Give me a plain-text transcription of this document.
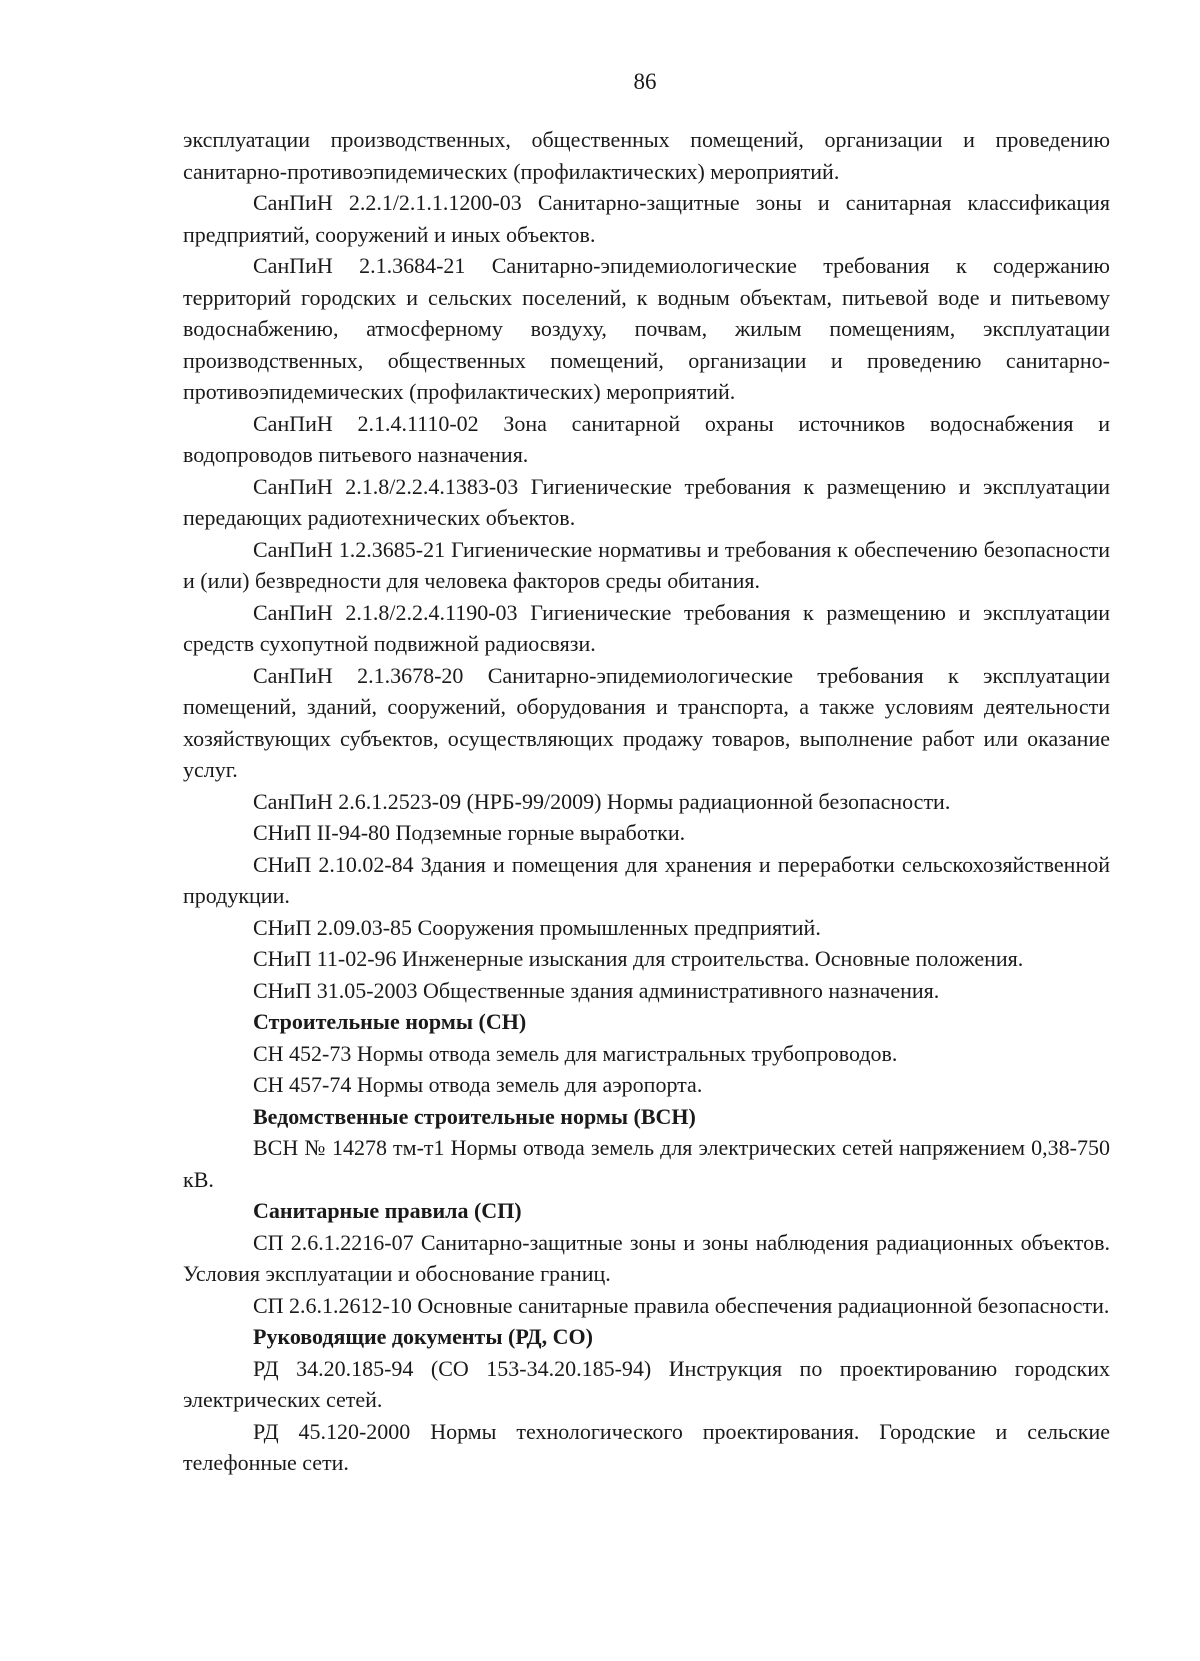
86

эксплуатации производственных, общественных помещений, организации и проведению санитарно-противоэпидемических (профилактических) мероприятий.

СанПиН 2.2.1/2.1.1.1200-03 Санитарно-защитные зоны и санитарная классификация предприятий, сооружений и иных объектов.

СанПиН 2.1.3684-21 Санитарно-эпидемиологические требования к содержанию территорий городских и сельских поселений, к водным объектам, питьевой воде и питьевому водоснабжению, атмосферному воздуху, почвам, жилым помещениям, эксплуатации производственных, общественных помещений, организации и проведению санитарно-противоэпидемических (профилактических) мероприятий.

СанПиН 2.1.4.1110-02 Зона санитарной охраны источников водоснабжения и водопроводов питьевого назначения.

СанПиН 2.1.8/2.2.4.1383-03 Гигиенические требования к размещению и эксплуатации передающих радиотехнических объектов.

СанПиН 1.2.3685-21 Гигиенические нормативы и требования к обеспечению безопасности и (или) безвредности для человека факторов среды обитания.

СанПиН 2.1.8/2.2.4.1190-03 Гигиенические требования к размещению и эксплуатации средств сухопутной подвижной радиосвязи.

СанПиН 2.1.3678-20 Санитарно-эпидемиологические требования к эксплуатации помещений, зданий, сооружений, оборудования и транспорта, а также условиям деятельности хозяйствующих субъектов, осуществляющих продажу товаров, выполнение работ или оказание услуг.

СанПиН 2.6.1.2523-09 (НРБ-99/2009) Нормы радиационной безопасности.

СНиП II-94-80 Подземные горные выработки.

СНиП 2.10.02-84 Здания и помещения для хранения и переработки сельскохозяйственной продукции.

СНиП 2.09.03-85 Сооружения промышленных предприятий.

СНиП 11-02-96 Инженерные изыскания для строительства. Основные положения.

СНиП 31.05-2003 Общественные здания административного назначения.

Строительные нормы (СН)

СН 452-73 Нормы отвода земель для магистральных трубопроводов.

СН 457-74 Нормы отвода земель для аэропорта.

Ведомственные строительные нормы (ВСН)

ВСН № 14278 тм-т1 Нормы отвода земель для электрических сетей напряжением 0,38-750 кВ.

Санитарные правила (СП)

СП 2.6.1.2216-07 Санитарно-защитные зоны и зоны наблюдения радиационных объектов. Условия эксплуатации и обоснование границ.

СП 2.6.1.2612-10 Основные санитарные правила обеспечения радиационной безопасности.

Руководящие документы (РД, СО)

РД 34.20.185-94 (СО 153-34.20.185-94) Инструкция по проектированию городских электрических сетей.

РД 45.120-2000 Нормы технологического проектирования. Городские и сельские телефонные сети.
